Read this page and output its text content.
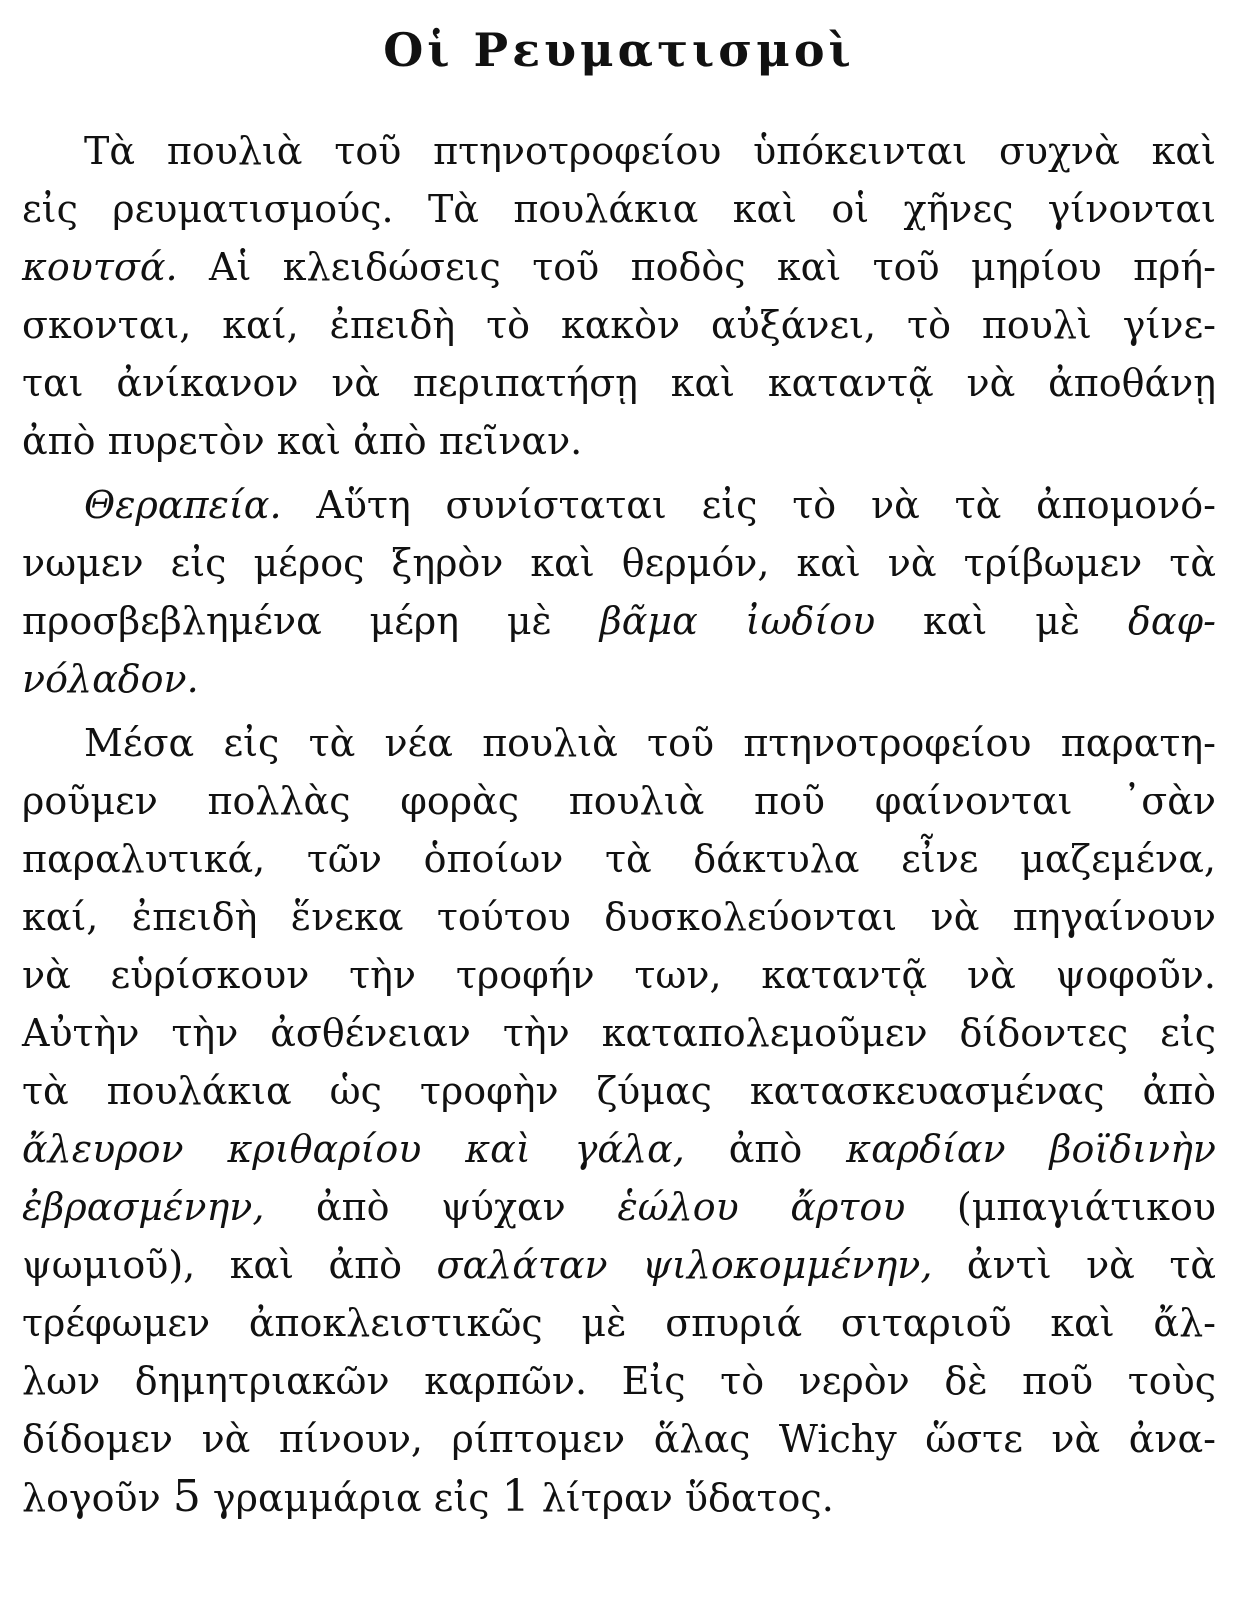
Οἱ Ρευματισμοὶ
Τὰ πουλιὰ τοῦ πτηνοτροφείου ὑπόκεινται συχνὰ καὶ
εἰς ρευματισμούς. Τὰ πουλάκια καὶ οἱ χῆνες γίνονται
κουτσά. Αἱ κλειδώσεις τοῦ ποδὸς καὶ τοῦ μηρίου πρή-
σκονται, καί, ἐπειδὴ τὸ κακὸν αὐξάνει, τὸ πουλὶ γίνε-
ται ἀνίκανον νὰ περιπατήσῃ καὶ καταντᾷ νὰ ἀποθάνῃ
ἀπὸ πυρετὸν καὶ ἀπὸ πεῖναν.
Θεραπεία. Αὕτη συνίσταται εἰς τὸ νὰ τὰ ἀπομονό-
νωμεν εἰς μέρος ξηρὸν καὶ θερμόν, καὶ νὰ τρίβωμεν τὰ
προσβεβλημένα μέρη μὲ βᾶμα ἰωδίου καὶ μὲ δαφ-
νόλαδον.
Μέσα εἰς τὰ νέα πουλιὰ τοῦ πτηνοτροφείου παρατη-
ροῦμεν πολλὰς φορὰς πουλιὰ ποῦ φαίνονται ᾽σὰν
παραλυτικά, τῶν ὁποίων τὰ δάκτυλα εἶνε μαζεμένα,
καί, ἐπειδὴ ἕνεκα τούτου δυσκολεύονται νὰ πηγαίνουν
νὰ εὑρίσκουν τὴν τροφήν των, καταντᾷ νὰ ψοφοῦν.
Αὐτὴν τὴν ἀσθένειαν τὴν καταπολεμοῦμεν δίδοντες εἰς
τὰ πουλάκια ὡς τροφὴν ζύμας κατασκευασμένας ἀπὸ
ἄλευρον κριθαρίου καὶ γάλα, ἀπὸ καρδίαν βοϊδινὴν
ἐβρασμένην, ἀπὸ ψύχαν ἑώλου ἄρτου (μπαγιάτικου
ψωμιοῦ), καὶ ἀπὸ σαλάταν ψιλοκομμένην, ἀντὶ νὰ τὰ
τρέφωμεν ἀποκλειστικῶς μὲ σπυριά σιταριοῦ καὶ ἄλ-
λων δημητριακῶν καρπῶν. Εἰς τὸ νερὸν δὲ ποῦ τοὺς
δίδομεν νὰ πίνουν, ρίπτομεν ἅλας Wichy ὥστε νὰ ἀνα-
λογοῦν 5 γραμμάρια εἰς 1 λίτραν ὕδατος.
